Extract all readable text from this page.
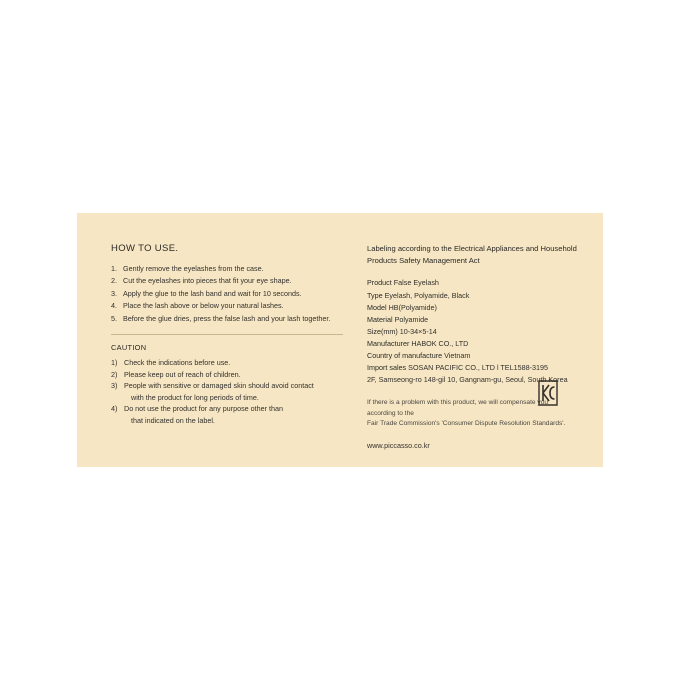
HOW TO USE.
1. Gently remove the eyelashes from the case.
2. Cut the eyelashes into pieces that fit your eye shape.
3. Apply the glue to the lash band and wait for 10 seconds.
4. Place the lash above or below your natural lashes.
5. Before the glue dries, press the false lash and your lash together.
CAUTION
1) Check the indications before use.
2) Please keep out of reach of children.
3) People with sensitive or damaged skin should avoid contact
with the product for long periods of time.
4) Do not use the product for any purpose other than
that indicated on the label.
Labeling according to the Electrical Appliances and Household Products Safety Management Act
Product False Eyelash
Type Eyelash, Polyamide, Black
Model HB(Polyamide)
Material Polyamide
Size(mm) 10-34×5-14
Manufacturer HABOK CO., LTD
Country of manufacture Vietnam
Import sales SOSAN PACIFIC CO., LTD l TEL1588-3195
2F, Samseong-ro 148-gil 10, Gangnam-gu, Seoul, South Korea
If there is a problem with this product, we will compensate you according to the
Fair Trade Commission's 'Consumer Dispute Resolution Standards'.
www.piccasso.co.kr
